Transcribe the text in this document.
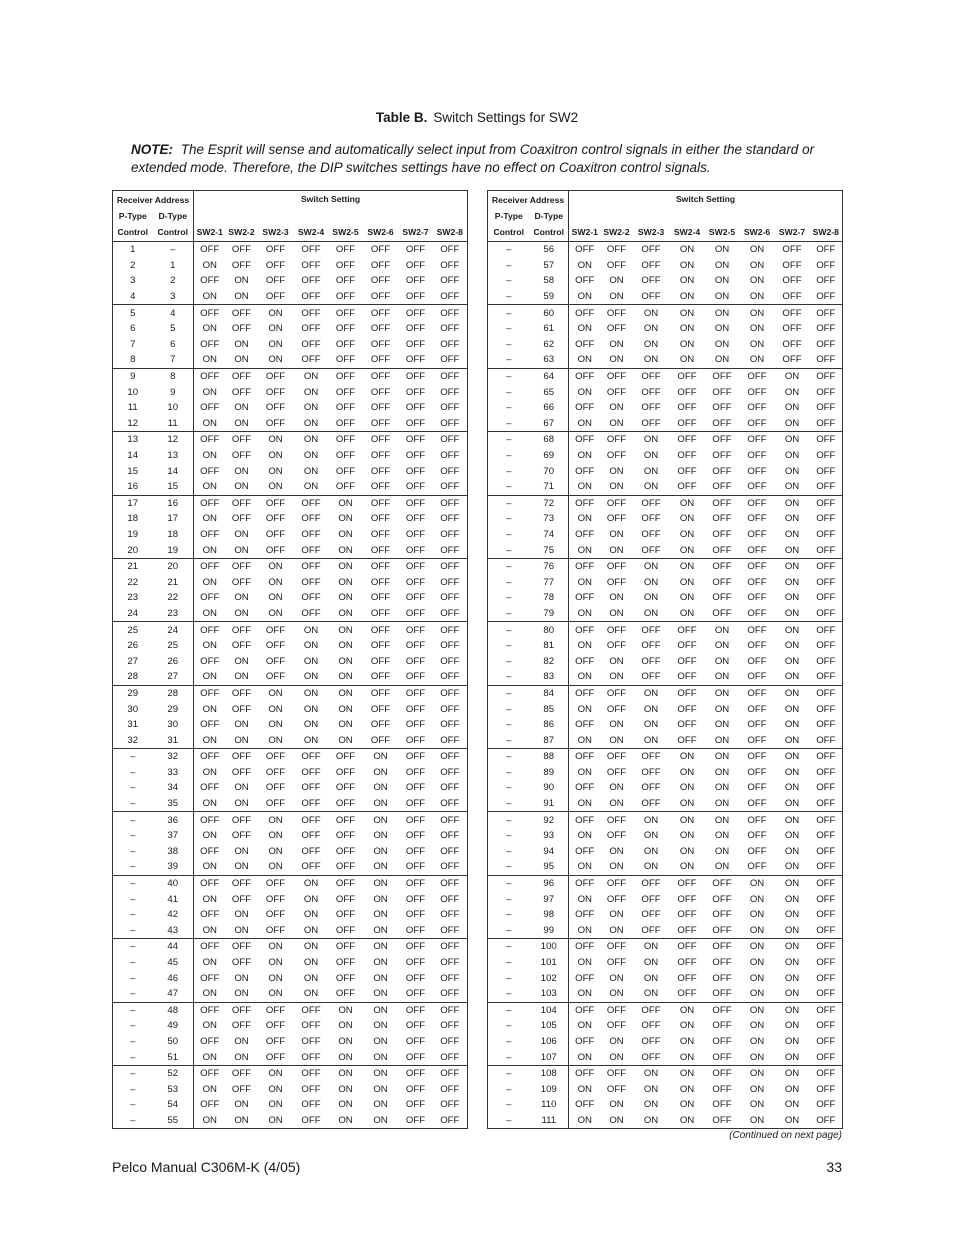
Table B. Switch Settings for SW2
NOTE: The Esprit will sense and automatically select input from Coaxitron control signals in either the standard or extended mode. Therefore, the DIP switches settings have no effect on Coaxitron control signals.
Receiver Address		Switch Setting							
P-Type	D-Type								
Control	Control	SW2-1	SW2-2	SW2-3	SW2-4	SW2-5	SW2-6	SW2-7	SW2-8
1	–	OFF	OFF	OFF	OFF	OFF	OFF	OFF	OFF
2	1	ON	OFF	OFF	OFF	OFF	OFF	OFF	OFF
3	2	OFF	ON	OFF	OFF	OFF	OFF	OFF	OFF
4	3	ON	ON	OFF	OFF	OFF	OFF	OFF	OFF
5	4	OFF	OFF	ON	OFF	OFF	OFF	OFF	OFF
6	5	ON	OFF	ON	OFF	OFF	OFF	OFF	OFF
7	6	OFF	ON	ON	OFF	OFF	OFF	OFF	OFF
8	7	ON	ON	ON	OFF	OFF	OFF	OFF	OFF
9	8	OFF	OFF	OFF	ON	OFF	OFF	OFF	OFF
10	9	ON	OFF	OFF	ON	OFF	OFF	OFF	OFF
11	10	OFF	ON	OFF	ON	OFF	OFF	OFF	OFF
12	11	ON	ON	OFF	ON	OFF	OFF	OFF	OFF
13	12	OFF	OFF	ON	ON	OFF	OFF	OFF	OFF
14	13	ON	OFF	ON	ON	OFF	OFF	OFF	OFF
15	14	OFF	ON	ON	ON	OFF	OFF	OFF	OFF
16	15	ON	ON	ON	ON	OFF	OFF	OFF	OFF
17	16	OFF	OFF	OFF	OFF	ON	OFF	OFF	OFF
18	17	ON	OFF	OFF	OFF	ON	OFF	OFF	OFF
19	18	OFF	ON	OFF	OFF	ON	OFF	OFF	OFF
20	19	ON	ON	OFF	OFF	ON	OFF	OFF	OFF
21	20	OFF	OFF	ON	OFF	ON	OFF	OFF	OFF
22	21	ON	OFF	ON	OFF	ON	OFF	OFF	OFF
23	22	OFF	ON	ON	OFF	ON	OFF	OFF	OFF
24	23	ON	ON	ON	OFF	ON	OFF	OFF	OFF
25	24	OFF	OFF	OFF	ON	ON	OFF	OFF	OFF
26	25	ON	OFF	OFF	ON	ON	OFF	OFF	OFF
27	26	OFF	ON	OFF	ON	ON	OFF	OFF	OFF
28	27	ON	ON	OFF	ON	ON	OFF	OFF	OFF
29	28	OFF	OFF	ON	ON	ON	OFF	OFF	OFF
30	29	ON	OFF	ON	ON	ON	OFF	OFF	OFF
31	30	OFF	ON	ON	ON	ON	OFF	OFF	OFF
32	31	ON	ON	ON	ON	ON	OFF	OFF	OFF
–	32	OFF	OFF	OFF	OFF	OFF	ON	OFF	OFF
–	33	ON	OFF	OFF	OFF	OFF	ON	OFF	OFF
–	34	OFF	ON	OFF	OFF	OFF	ON	OFF	OFF
–	35	ON	ON	OFF	OFF	OFF	ON	OFF	OFF
–	36	OFF	OFF	ON	OFF	OFF	ON	OFF	OFF
–	37	ON	OFF	ON	OFF	OFF	ON	OFF	OFF
–	38	OFF	ON	ON	OFF	OFF	ON	OFF	OFF
–	39	ON	ON	ON	OFF	OFF	ON	OFF	OFF
–	40	OFF	OFF	OFF	ON	OFF	ON	OFF	OFF
–	41	ON	OFF	OFF	ON	OFF	ON	OFF	OFF
–	42	OFF	ON	OFF	ON	OFF	ON	OFF	OFF
–	43	ON	ON	OFF	ON	OFF	ON	OFF	OFF
–	44	OFF	OFF	ON	ON	OFF	ON	OFF	OFF
–	45	ON	OFF	ON	ON	OFF	ON	OFF	OFF
–	46	OFF	ON	ON	ON	OFF	ON	OFF	OFF
–	47	ON	ON	ON	ON	OFF	ON	OFF	OFF
–	48	OFF	OFF	OFF	OFF	ON	ON	OFF	OFF
–	49	ON	OFF	OFF	OFF	ON	ON	OFF	OFF
–	50	OFF	ON	OFF	OFF	ON	ON	OFF	OFF
–	51	ON	ON	OFF	OFF	ON	ON	OFF	OFF
–	52	OFF	OFF	ON	OFF	ON	ON	OFF	OFF
–	53	ON	OFF	ON	OFF	ON	ON	OFF	OFF
–	54	OFF	ON	ON	OFF	ON	ON	OFF	OFF
–	55	ON	ON	ON	OFF	ON	ON	OFF	OFF
Receiver Address		Switch Setting							
P-Type	D-Type								
Control	Control	SW2-1	SW2-2	SW2-3	SW2-4	SW2-5	SW2-6	SW2-7	SW2-8
–	56	OFF	OFF	OFF	ON	ON	ON	OFF	OFF
–	57	ON	OFF	OFF	ON	ON	ON	OFF	OFF
–	58	OFF	ON	OFF	ON	ON	ON	OFF	OFF
–	59	ON	ON	OFF	ON	ON	ON	OFF	OFF
–	60	OFF	OFF	ON	ON	ON	ON	OFF	OFF
–	61	ON	OFF	ON	ON	ON	ON	OFF	OFF
–	62	OFF	ON	ON	ON	ON	ON	OFF	OFF
–	63	ON	ON	ON	ON	ON	ON	OFF	OFF
–	64	OFF	OFF	OFF	OFF	OFF	OFF	ON	OFF
–	65	ON	OFF	OFF	OFF	OFF	OFF	ON	OFF
–	66	OFF	ON	OFF	OFF	OFF	OFF	ON	OFF
–	67	ON	ON	OFF	OFF	OFF	OFF	ON	OFF
–	68	OFF	OFF	ON	OFF	OFF	OFF	ON	OFF
–	69	ON	OFF	ON	OFF	OFF	OFF	ON	OFF
–	70	OFF	ON	ON	OFF	OFF	OFF	ON	OFF
–	71	ON	ON	ON	OFF	OFF	OFF	ON	OFF
–	72	OFF	OFF	OFF	ON	OFF	OFF	ON	OFF
–	73	ON	OFF	OFF	ON	OFF	OFF	ON	OFF
–	74	OFF	ON	OFF	ON	OFF	OFF	ON	OFF
–	75	ON	ON	OFF	ON	OFF	OFF	ON	OFF
–	76	OFF	OFF	ON	ON	OFF	OFF	ON	OFF
–	77	ON	OFF	ON	ON	OFF	OFF	ON	OFF
–	78	OFF	ON	ON	ON	OFF	OFF	ON	OFF
–	79	ON	ON	ON	ON	OFF	OFF	ON	OFF
–	80	OFF	OFF	OFF	OFF	ON	OFF	ON	OFF
–	81	ON	OFF	OFF	OFF	ON	OFF	ON	OFF
–	82	OFF	ON	OFF	OFF	ON	OFF	ON	OFF
–	83	ON	ON	OFF	OFF	ON	OFF	ON	OFF
–	84	OFF	OFF	ON	OFF	ON	OFF	ON	OFF
–	85	ON	OFF	ON	OFF	ON	OFF	ON	OFF
–	86	OFF	ON	ON	OFF	ON	OFF	ON	OFF
–	87	ON	ON	ON	OFF	ON	OFF	ON	OFF
–	88	OFF	OFF	OFF	ON	ON	OFF	ON	OFF
–	89	ON	OFF	OFF	ON	ON	OFF	ON	OFF
–	90	OFF	ON	OFF	ON	ON	OFF	ON	OFF
–	91	ON	ON	OFF	ON	ON	OFF	ON	OFF
–	92	OFF	OFF	ON	ON	ON	OFF	ON	OFF
–	93	ON	OFF	ON	ON	ON	OFF	ON	OFF
–	94	OFF	ON	ON	ON	ON	OFF	ON	OFF
–	95	ON	ON	ON	ON	ON	OFF	ON	OFF
–	96	OFF	OFF	OFF	OFF	OFF	ON	ON	OFF
–	97	ON	OFF	OFF	OFF	OFF	ON	ON	OFF
–	98	OFF	ON	OFF	OFF	OFF	ON	ON	OFF
–	99	ON	ON	OFF	OFF	OFF	ON	ON	OFF
–	100	OFF	OFF	ON	OFF	OFF	ON	ON	OFF
–	101	ON	OFF	ON	OFF	OFF	ON	ON	OFF
–	102	OFF	ON	ON	OFF	OFF	ON	ON	OFF
–	103	ON	ON	ON	OFF	OFF	ON	ON	OFF
–	104	OFF	OFF	OFF	ON	OFF	ON	ON	OFF
–	105	ON	OFF	OFF	ON	OFF	ON	ON	OFF
–	106	OFF	ON	OFF	ON	OFF	ON	ON	OFF
–	107	ON	ON	OFF	ON	OFF	ON	ON	OFF
–	108	OFF	OFF	ON	ON	OFF	ON	ON	OFF
–	109	ON	OFF	ON	ON	OFF	ON	ON	OFF
–	110	OFF	ON	ON	ON	OFF	ON	ON	OFF
–	111	ON	ON	ON	ON	OFF	ON	ON	OFF
(Continued on next page)
Pelco Manual C306M-K (4/05)	33
